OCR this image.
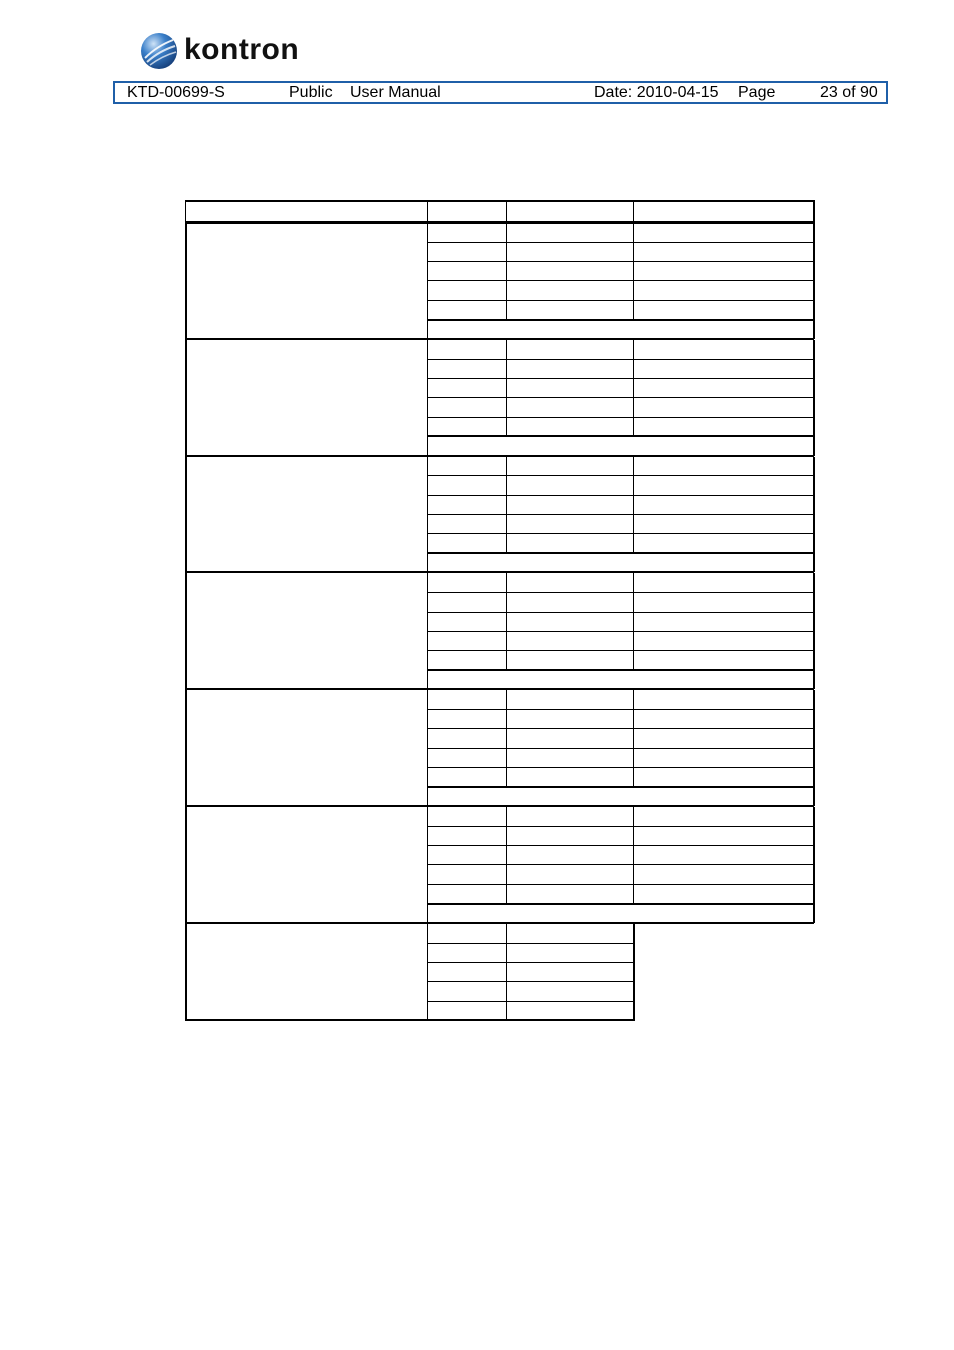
kontron
KTD-00699-S	Public User Manual	Date: 2010-04-15 Page	23 of 90
